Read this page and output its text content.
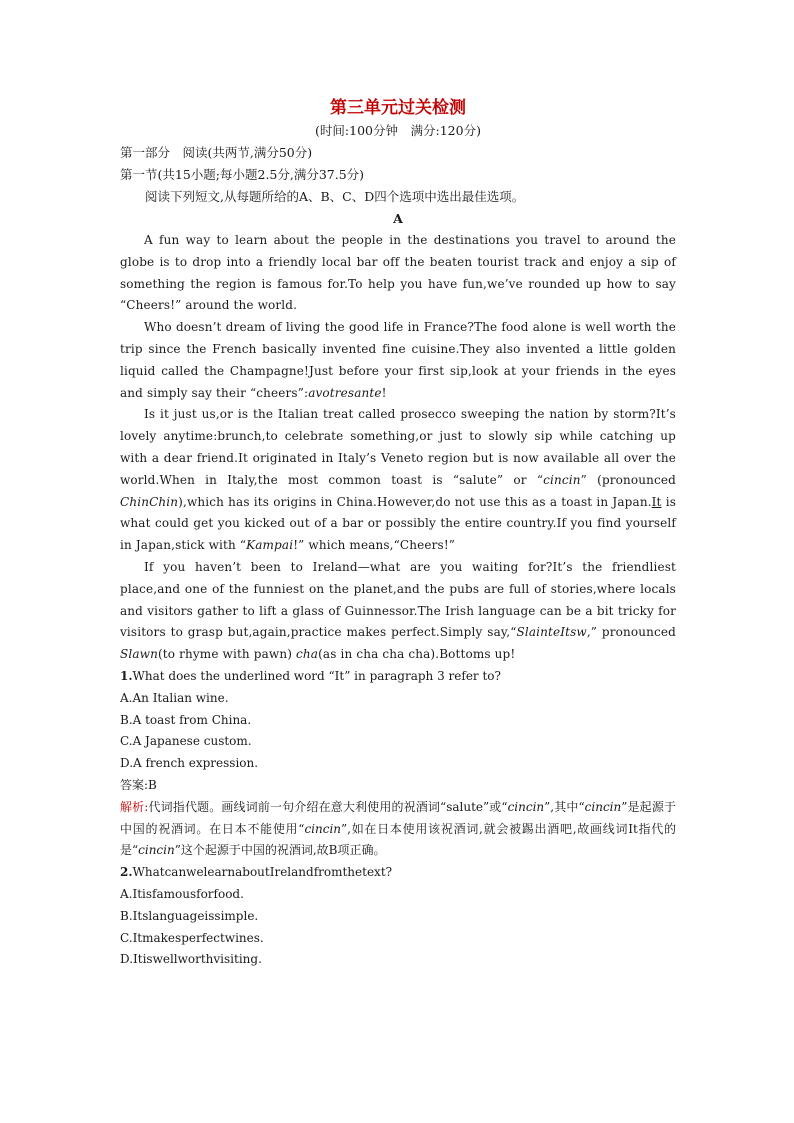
第三单元过关检测

(时间:100分钟　满分:120分)

第一部分　阅读(共两节,满分50分)

第一节(共15小题;每小题2.5分,满分37.5分)

阅读下列短文,从每题所给的A、B、C、D四个选项中选出最佳选项。

A

A fun way to learn about the people in the destinations you travel to around the globe is to drop into a friendly local bar off the beaten tourist track and enjoy a sip of something the region is famous for.To help you have fun,we’ve rounded up how to say “Cheers!” around the world.

Who doesn’t dream of living the good life in France?The food alone is well worth the trip since the French basically invented fine cuisine.They also invented a little golden liquid called the Champagne!Just before your first sip,look at your friends in the eyes and simply say their “cheers”:avotresante!

Is it just us,or is the Italian treat called prosecco sweeping the nation by storm?It’s lovely anytime:brunch,to celebrate something,or just to slowly sip while catching up with a dear friend.It originated in Italy’s Veneto region but is now available all over the world.When in Italy,the most common toast is “salute” or “cincin” (pronounced ChinChin),which has its origins in China.However,do not use this as a toast in Japan.It is what could get you kicked out of a bar or possibly the entire country.If you find yourself in Japan,stick with “Kampai!” which means,“Cheers!”

If you haven’t been to Ireland—what are you waiting for?It’s the friendliest place,and one of the funniest on the planet,and the pubs are full of stories,where locals and visitors gather to lift a glass of Guinnessor.The Irish language can be a bit tricky for visitors to grasp but,again,practice makes perfect.Simply say,“SlainteItsw,” pronounced Slawn(to rhyme with pawn) cha(as in cha cha cha).Bottoms up!

1.What does the underlined word “It” in paragraph 3 refer to?

A.An Italian wine.

B.A toast from China.

C.A Japanese custom.

D.A french expression.

答案:B

解析:代词指代题。画线词前一句介绍在意大利使用的祝酒词“salute”或“cincin”,其中“cincin”是起源于中国的祝酒词。在日本不能使用“cincin”,如在日本使用该祝酒词,就会被踢出酒吧,故画线词It指代的是“cincin”这个起源于中国的祝酒词,故B项正确。

2.WhatcanwelearnaboutIrelandfromthetext?

A.Itisfamousforfood.

B.Itslanguageissimple.

C.Itmakesperfectwines.

D.Itiswellworthvisiting.
